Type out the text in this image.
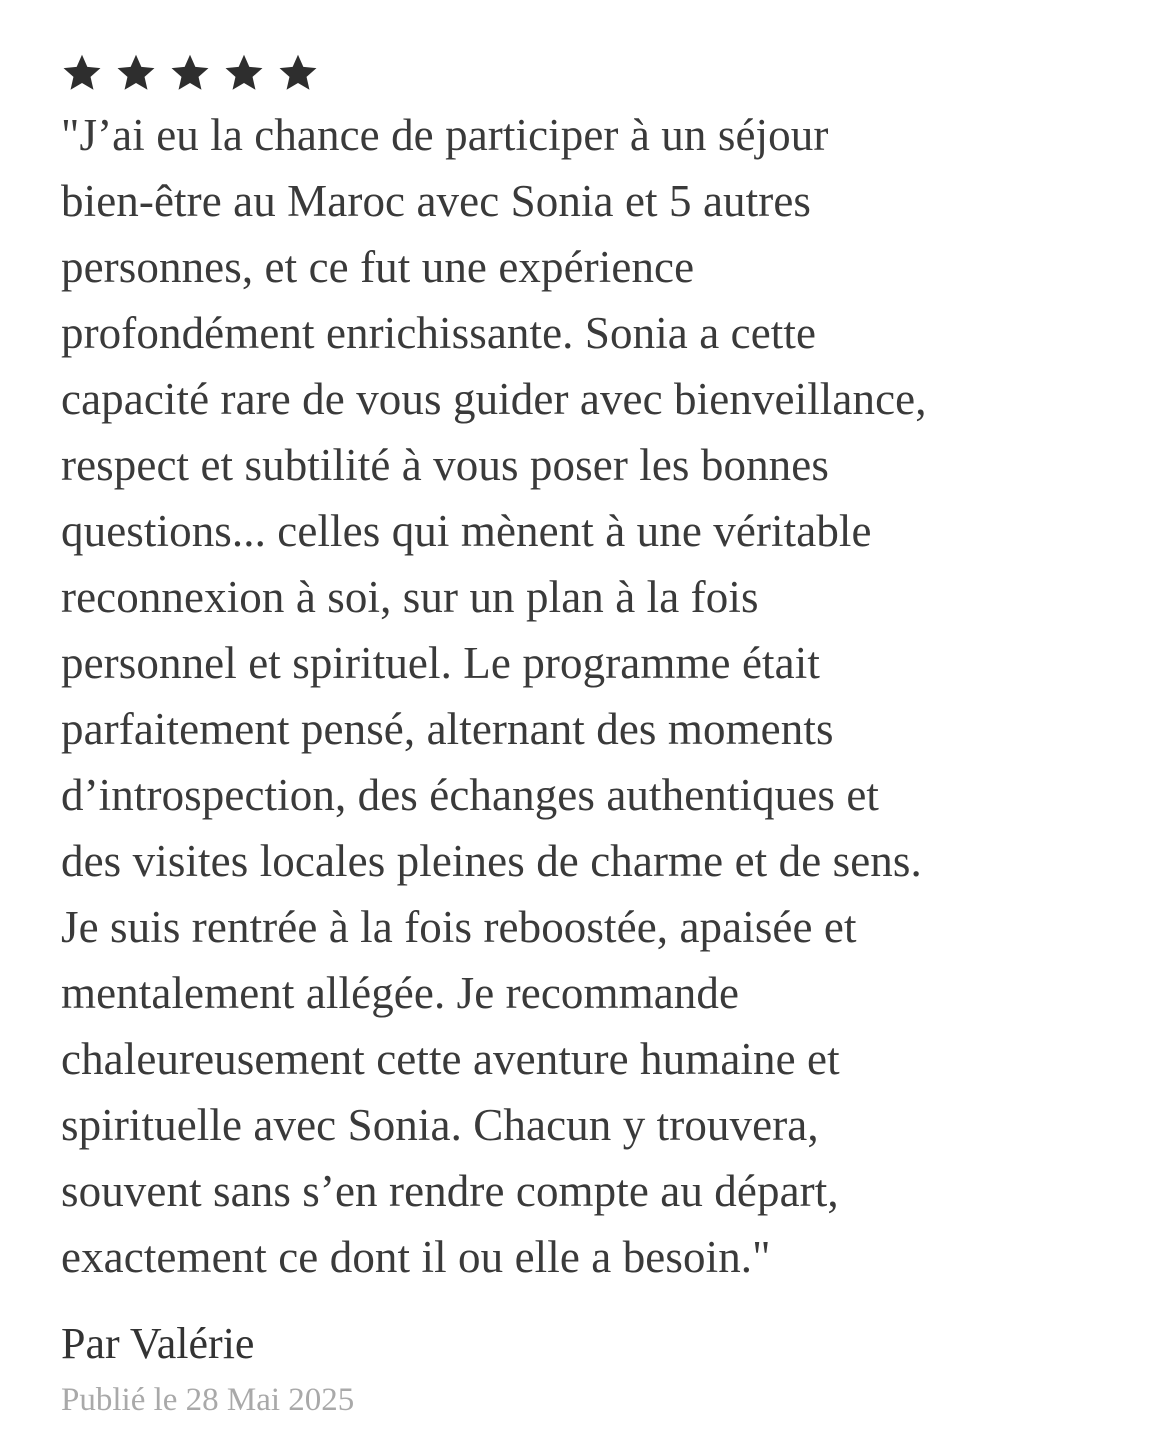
"J’ai eu la chance de participer à un séjour
bien-être au Maroc avec Sonia et 5 autres
personnes, et ce fut une expérience
profondément enrichissante. Sonia a cette
capacité rare de vous guider avec bienveillance,
respect et subtilité à vous poser les bonnes
questions... celles qui mènent à une véritable
reconnexion à soi, sur un plan à la fois
personnel et spirituel. Le programme était
parfaitement pensé, alternant des moments
d’introspection, des échanges authentiques et
des visites locales pleines de charme et de sens.
Je suis rentrée à la fois reboostée, apaisée et
mentalement allégée. Je recommande
chaleureusement cette aventure humaine et
spirituelle avec Sonia. Chacun y trouvera,
souvent sans s’en rendre compte au départ,
exactement ce dont il ou elle a besoin."

Par Valérie
Publié le 28 Mai 2025
